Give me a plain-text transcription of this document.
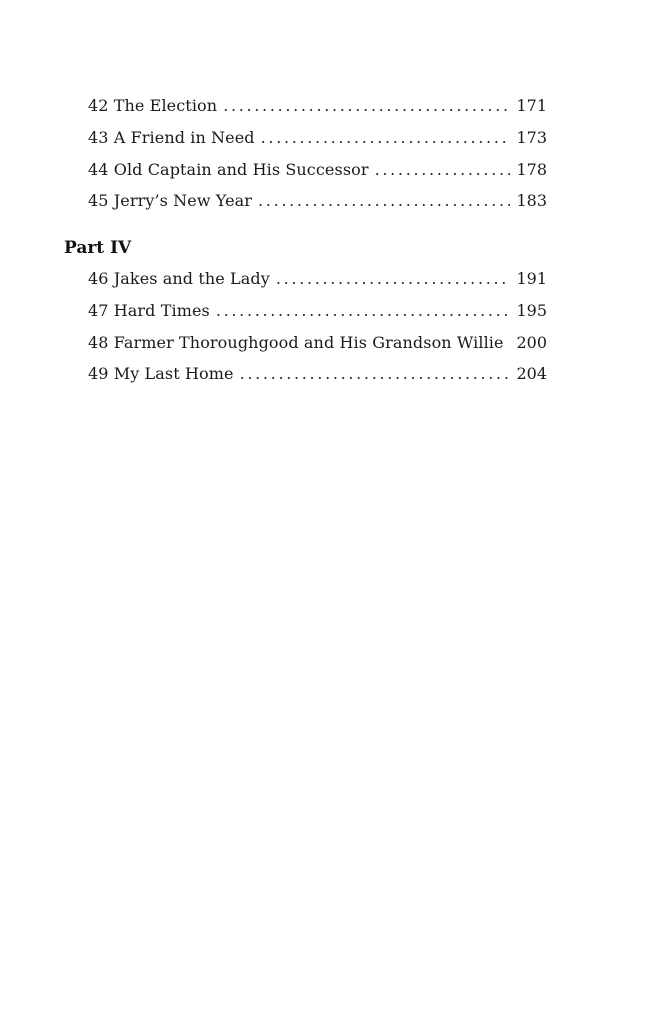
42 The Election . . .	171
43 A Friend in Need . . .	173
44 Old Captain and His Successor . . .	178
45 Jerry’s New Year . . .	183
Part IV
46 Jakes and the Lady . . .	191
47 Hard Times . . .	195
48 Farmer Thoroughgood and His Grandson Willie . . . 200
49 My Last Home . . .	204
